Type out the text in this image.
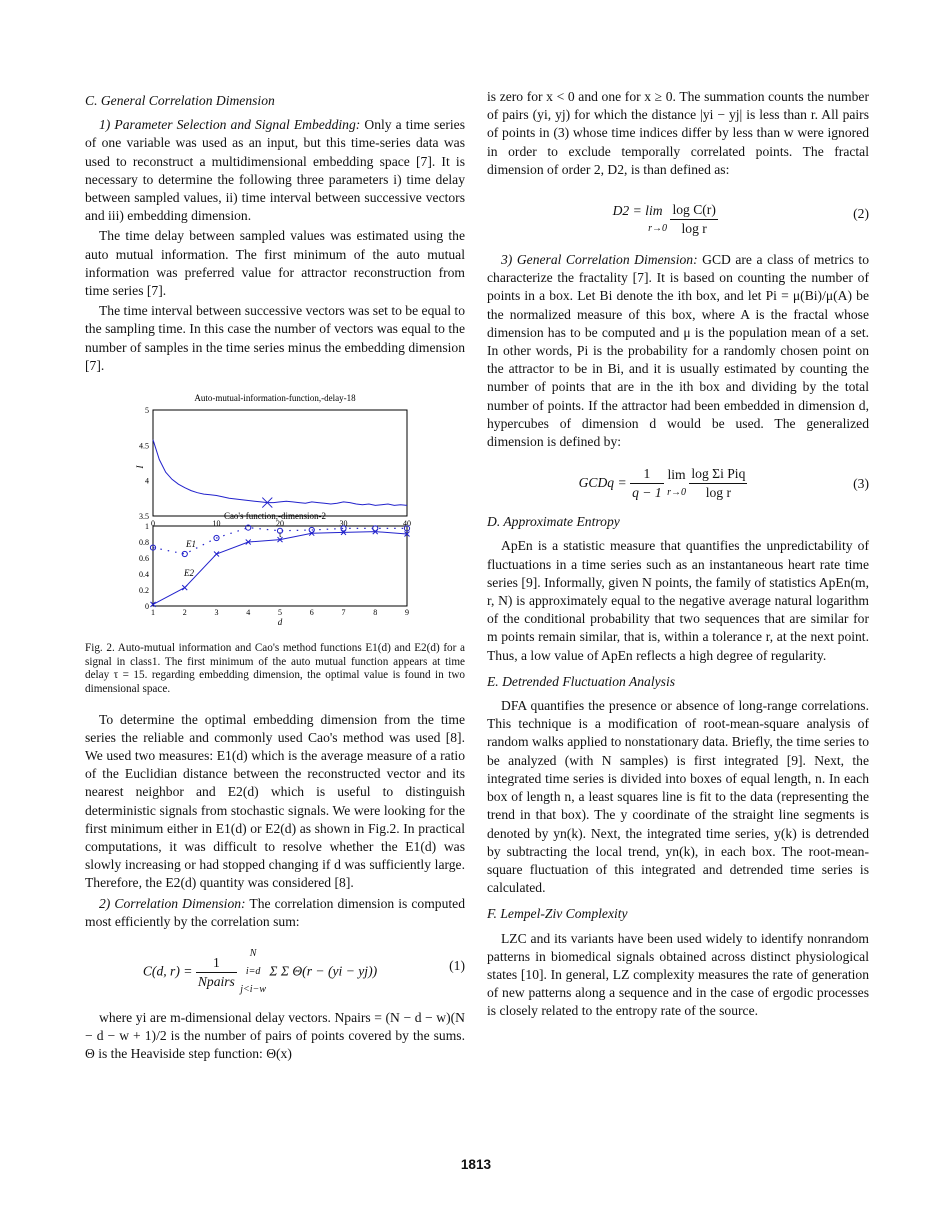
C. General Correlation Dimension

1) Parameter Selection and Signal Embedding: Only a time series of one variable was used as an input, but this time-series data was used to reconstruct a multidimensional embedding space [7]. It is necessary to determine the following three parameters i) time delay between sampled values, ii) time interval between successive vectors and iii) embedding dimension.

The time delay between sampled values was estimated using the auto mutual information. The first minimum of the auto mutual information was preferred value for attractor reconstruction from time series [7].

The time interval between successive vectors was set to be equal to the sampling time. In this case the number of vectors was equal to the number of samples in the time series minus the embedding dimension [7].

Auto-mutual-information-function,-delay-18
I
τ
0	10	20	30	40
3.5
4
4.5
5
Cao's function,-dimension-2
d
1	2	3	4	5	6	7	8	9
0
0.2
0.4
0.6
0.8
1
E1
E2
Fig. 2. Auto-mutual information and Cao's method functions E1(d) and E2(d) for a signal in class1. The first minimum of the auto mutual function appears at time delay τ = 15. regarding embedding dimension, the optimal value is found in two dimensional space.

To determine the optimal embedding dimension from the time series the reliable and commonly used Cao's method was used [8]. We used two measures: E1(d) which is the average measure of a ratio of the Euclidian distance between the reconstructed vector and its nearest neighbor and E2(d) which is useful to distinguish deterministic signals from stochastic signals. We were looking for the first minimum either in E1(d) or E2(d) as shown in Fig.2. In practical computations, it was difficult to resolve whether the E1(d) was slowly increasing or had stopped changing if d was sufficiently large. Therefore, the E2(d) quantity was considered [8].

2) Correlation Dimension: The correlation dimension is computed most efficiently by the correlation sum:

C(d, $r) = \frac{1}{\text{Npairs}}$

N
i=d
j<i−w
Σ Σ Θ(r − (yi − yj))	(1)

where yi are m-dimensional delay vectors. Npairs = (N − d − w)(N − d − w + 1)/2 is the number of pairs of points covered by the sums. Θ is the Heaviside step function: Θ(x)

is zero for x < 0 and one for x ≥ 0. The summation counts the number of pairs (yi, yj) for which the distance |yi − yj| is less than r. All pairs of points in (3) whose time indices differ by less than w were ignored in order to exclude temporally correlated points. The fractal dimension of order 2, D2, is than defined as:

D2 = lim
r→0
$\frac{\text{log C(r)}}{\text{log r}}$	(2)

3) General Correlation Dimension: GCD are a class of metrics to characterize the fractality [7]. It is based on counting the number of points in a box. Let Bi denote the ith box, and let Pi = μ(Bi)/μ(A) be the normalized measure of this box, where A is the fractal whose dimension has to be computed and μ is the population mean of a set. In other words, Pi is the probability for a randomly chosen point on the attractor to be in Bi, and it is usually estimated by counting the number of points that are in the ith box and dividing by the total number of points. If the attractor had been embedded in dimension d, hypercubes of dimension d would be used. The generalized dimension is defined by:

GCDq = $\frac{1}{q - 1}$
lim
r→0
$\frac{\text{log Σi Piq}}{\text{log r}}$	(3)
D. Approximate Entropy

ApEn is a statistic measure that quantifies the unpredictability of fluctuations in a time series such as an instantaneous heart rate time series [9]. Informally, given N points, the family of statistics ApEn(m, r, N) is approximately equal to the negative average natural logarithm of the conditional probability that two sequences that are similar for m points remain similar, that is, within a tolerance r, at the next point. Thus, a low value of ApEn reflects a high degree of regularity.

E. Detrended Fluctuation Analysis

DFA quantifies the presence or absence of long-range correlations. This technique is a modification of root-mean-square analysis of random walks applied to nonstationary data. Briefly, the time series to be analyzed (with N samples) is first integrated [9]. Next, the integrated time series is divided into boxes of equal length, n. In each box of length n, a least squares line is fit to the data (representing the trend in that box). The y coordinate of the straight line segments is denoted by yn(k). Next, the integrated time series, y(k) is detrended by subtracting the local trend, yn(k), in each box. The root-mean-square fluctuation of this integrated and detrended time series is calculated.

F. Lempel-Ziv Complexity

LZC and its variants have been used widely to identify nonrandom patterns in biomedical signals obtained across distinct physiological states [10]. In general, LZ complexity measures the rate of generation of new patterns along a sequence and in the case of ergodic processes is closely related to the entropy rate of the source.

1813
